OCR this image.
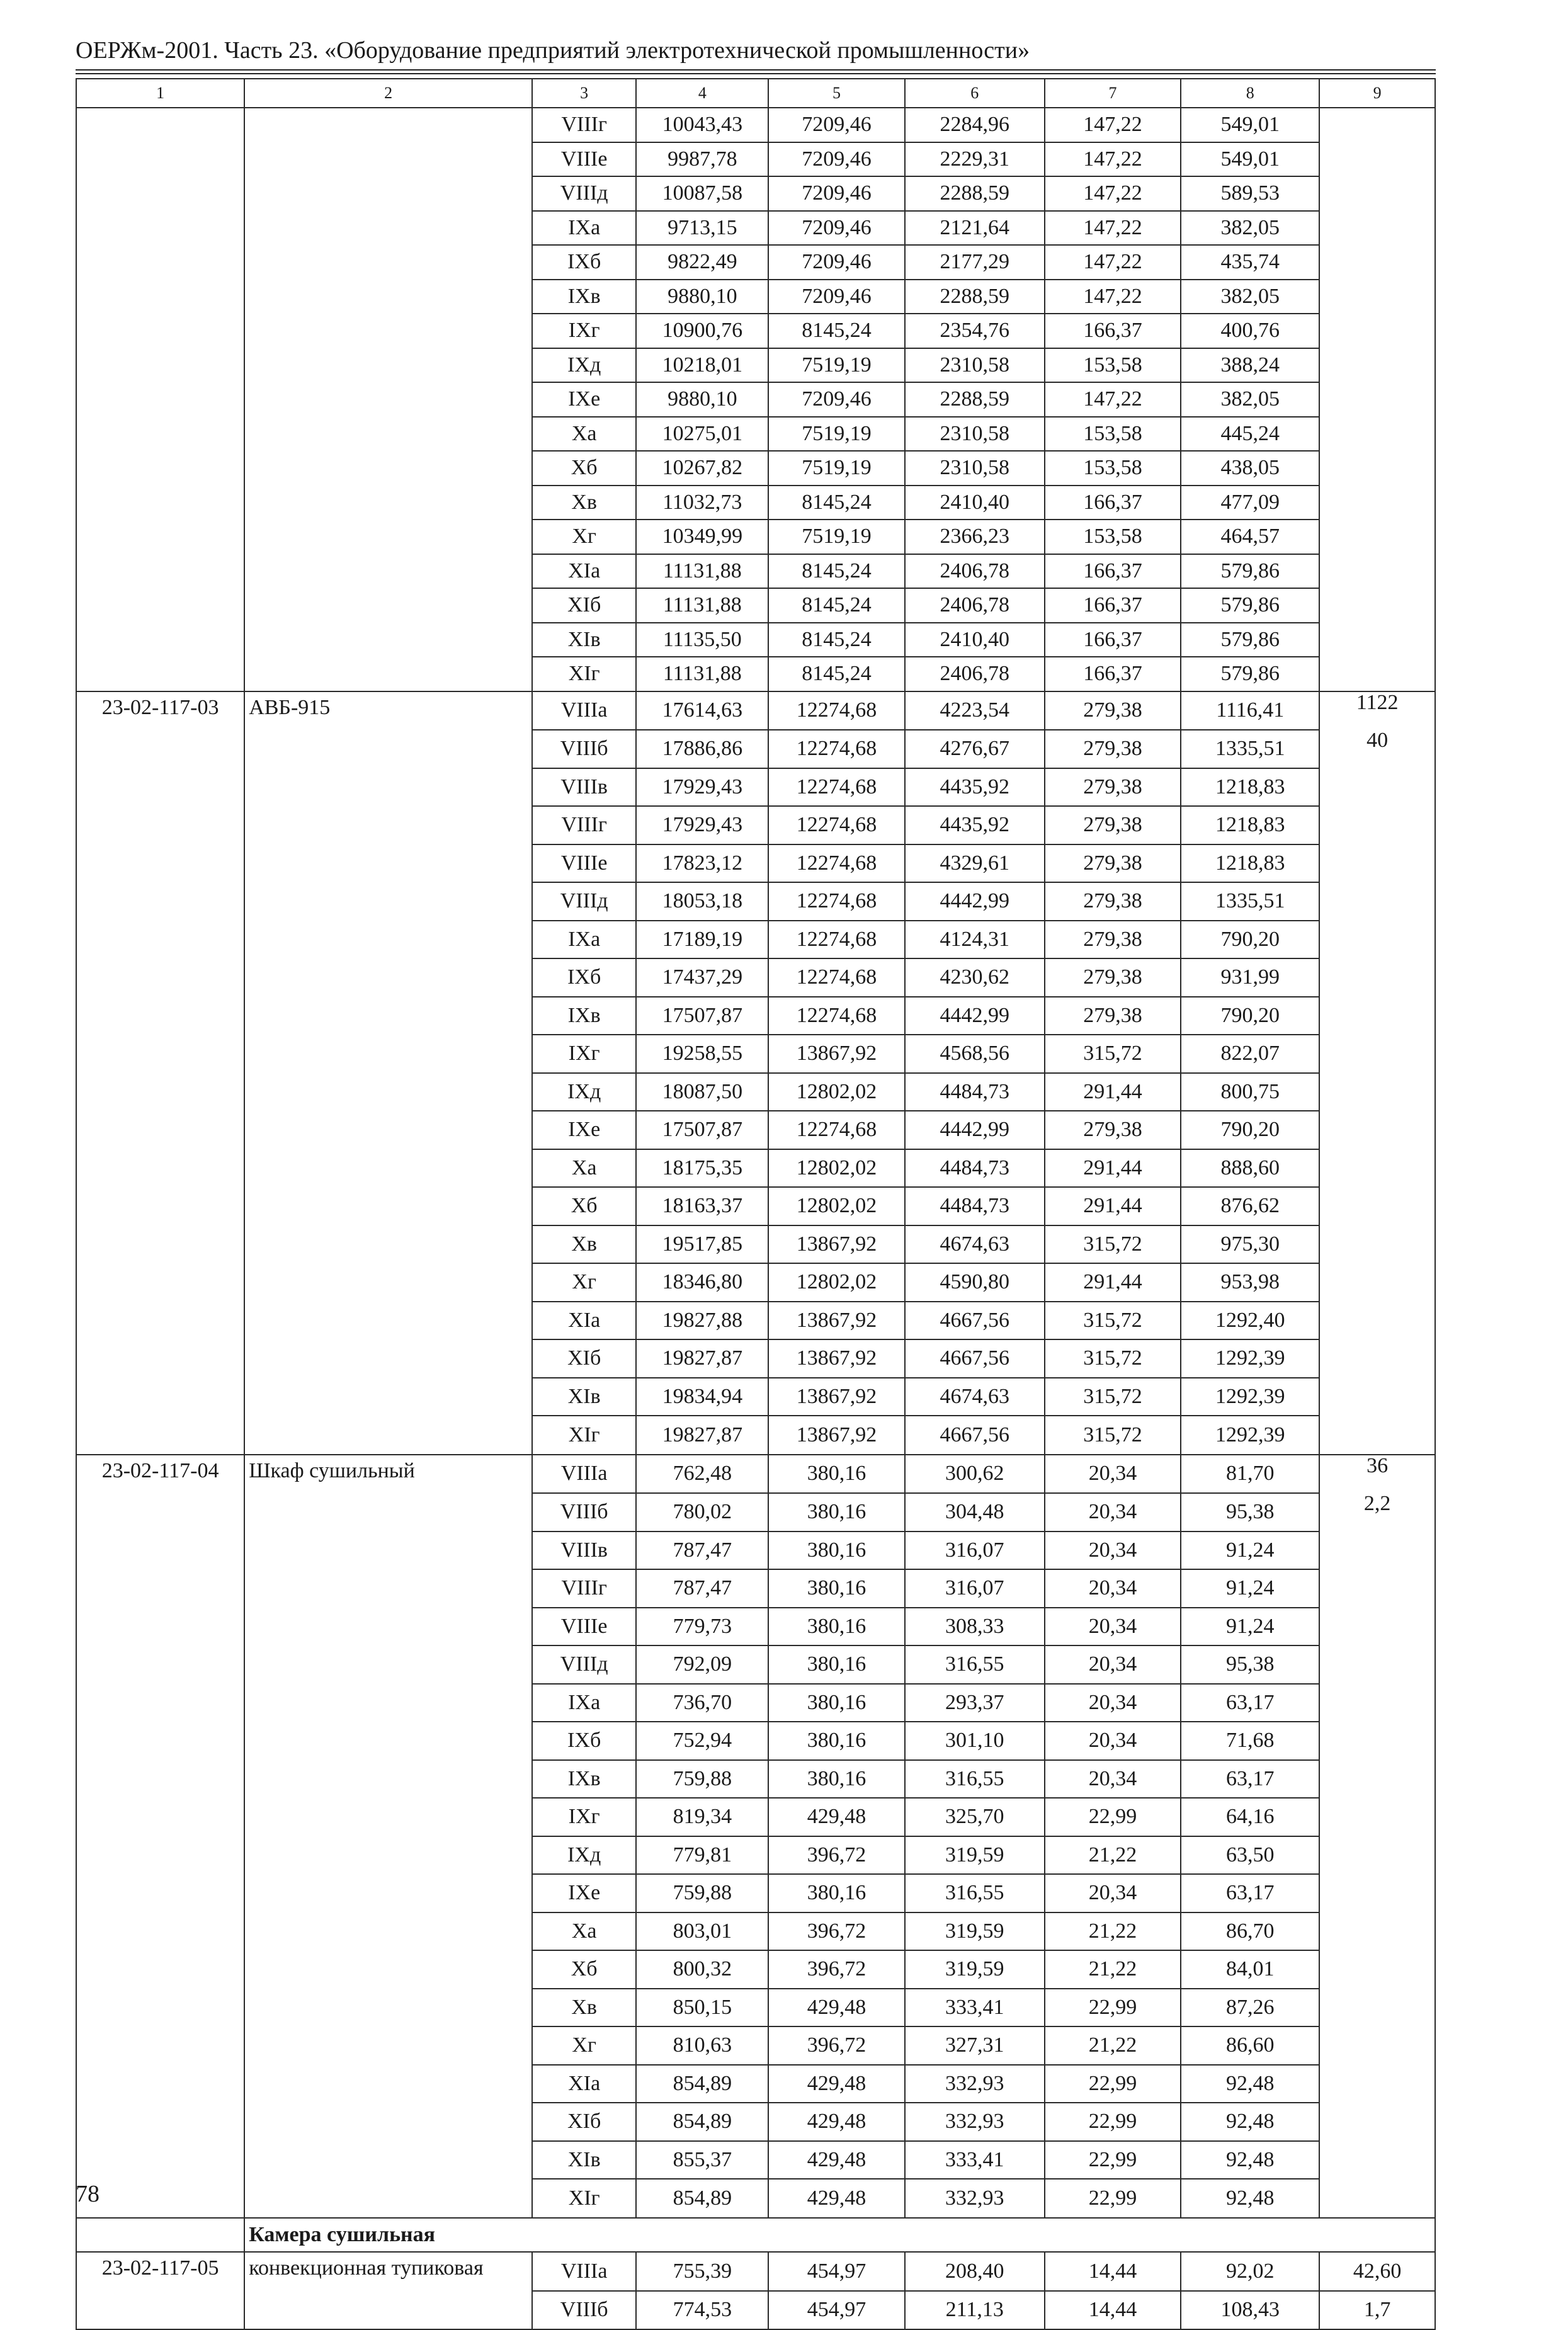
ОЕРЖм-2001. Часть 23. «Оборудование предприятий электротехнической промышленности»
1	2	3	4	5	6	7	8	9
		VIIIг	10043,43	7209,46	2284,96	147,22	549,01	
		VIIIе	9987,78	7209,46	2229,31	147,22	549,01	
		VIIIд	10087,58	7209,46	2288,59	147,22	589,53	
		IXа	9713,15	7209,46	2121,64	147,22	382,05	
		IXб	9822,49	7209,46	2177,29	147,22	435,74	
		IXв	9880,10	7209,46	2288,59	147,22	382,05	
		IXг	10900,76	8145,24	2354,76	166,37	400,76	
		IXд	10218,01	7519,19	2310,58	153,58	388,24	
		IXе	9880,10	7209,46	2288,59	147,22	382,05	
		Xа	10275,01	7519,19	2310,58	153,58	445,24	
		Xб	10267,82	7519,19	2310,58	153,58	438,05	
		Xв	11032,73	8145,24	2410,40	166,37	477,09	
		Xг	10349,99	7519,19	2366,23	153,58	464,57	
		XIа	11131,88	8145,24	2406,78	166,37	579,86	
		XIб	11131,88	8145,24	2406,78	166,37	579,86	
		XIв	11135,50	8145,24	2410,40	166,37	579,86	
		XIг	11131,88	8145,24	2406,78	166,37	579,86	
23-02-117-03	АВБ-915	VIIIа	17614,63	12274,68	4223,54	279,38	1116,41	1122
		VIIIб	17886,86	12274,68	4276,67	279,38	1335,51	40
		VIIIв	17929,43	12274,68	4435,92	279,38	1218,83	
		VIIIг	17929,43	12274,68	4435,92	279,38	1218,83	
		VIIIе	17823,12	12274,68	4329,61	279,38	1218,83	
		VIIIд	18053,18	12274,68	4442,99	279,38	1335,51	
		IXа	17189,19	12274,68	4124,31	279,38	790,20	
		IXб	17437,29	12274,68	4230,62	279,38	931,99	
		IXв	17507,87	12274,68	4442,99	279,38	790,20	
		IXг	19258,55	13867,92	4568,56	315,72	822,07	
		IXд	18087,50	12802,02	4484,73	291,44	800,75	
		IXе	17507,87	12274,68	4442,99	279,38	790,20	
		Xа	18175,35	12802,02	4484,73	291,44	888,60	
		Xб	18163,37	12802,02	4484,73	291,44	876,62	
		Xв	19517,85	13867,92	4674,63	315,72	975,30	
		Xг	18346,80	12802,02	4590,80	291,44	953,98	
		XIа	19827,88	13867,92	4667,56	315,72	1292,40	
		XIб	19827,87	13867,92	4667,56	315,72	1292,39	
		XIв	19834,94	13867,92	4674,63	315,72	1292,39	
		XIг	19827,87	13867,92	4667,56	315,72	1292,39	
23-02-117-04	Шкаф сушильный	VIIIа	762,48	380,16	300,62	20,34	81,70	36
		VIIIб	780,02	380,16	304,48	20,34	95,38	2,2
		VIIIв	787,47	380,16	316,07	20,34	91,24	
		VIIIг	787,47	380,16	316,07	20,34	91,24	
		VIIIе	779,73	380,16	308,33	20,34	91,24	
		VIIIд	792,09	380,16	316,55	20,34	95,38	
		IXа	736,70	380,16	293,37	20,34	63,17	
		IXб	752,94	380,16	301,10	20,34	71,68	
		IXв	759,88	380,16	316,55	20,34	63,17	
		IXг	819,34	429,48	325,70	22,99	64,16	
		IXд	779,81	396,72	319,59	21,22	63,50	
		IXе	759,88	380,16	316,55	20,34	63,17	
		Xа	803,01	396,72	319,59	21,22	86,70	
		Xб	800,32	396,72	319,59	21,22	84,01	
		Xв	850,15	429,48	333,41	22,99	87,26	
		Xг	810,63	396,72	327,31	21,22	86,60	
		XIа	854,89	429,48	332,93	22,99	92,48	
		XIб	854,89	429,48	332,93	22,99	92,48	
		XIв	855,37	429,48	333,41	22,99	92,48	
		XIг	854,89	429,48	332,93	22,99	92,48	
	Камера сушильная							
23-02-117-05	конвекционная тупиковая	VIIIа	755,39	454,97	208,40	14,44	92,02	42,60
		VIIIб	774,53	454,97	211,13	14,44	108,43	1,7
78
